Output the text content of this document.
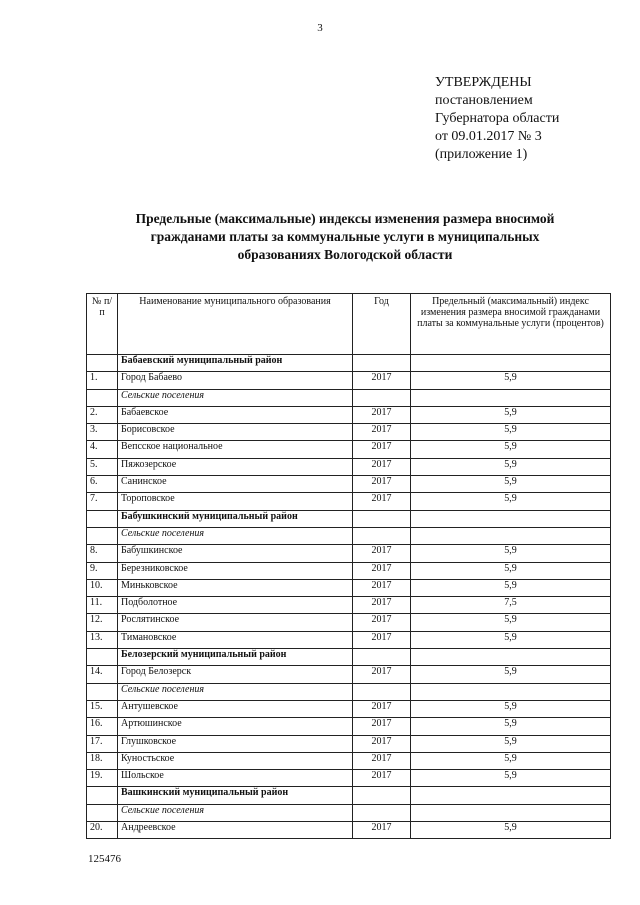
3
УТВЕРЖДЕНЫ
постановлением
Губернатора области
от 09.01.2017 № 3
(приложение 1)
Предельные (максимальные) индексы изменения размера вносимой
гражданами платы за коммунальные услуги в муниципальных
образованиях Вологодской области
№ п/п	Наименование муниципального образования	Год	Предельный (максимальный) индекс изменения размера вносимой гражданами платы за коммунальные услуги (процентов)
	Бабаевский муниципальный район		
1.	Город Бабаево	2017	5,9
	Сельские поселения		
2.	Бабаевское	2017	5,9
3.	Борисовское	2017	5,9
4.	Вепсское национальное	2017	5,9
5.	Пяжозерское	2017	5,9
6.	Санинское	2017	5,9
7.	Тороповское	2017	5,9
	Бабушкинский муниципальный район		
	Сельские поселения		
8.	Бабушкинское	2017	5,9
9.	Березниковское	2017	5,9
10.	Миньковское	2017	5,9
11.	Подболотное	2017	7,5
12.	Рослятинское	2017	5,9
13.	Тимановское	2017	5,9
	Белозерский муниципальный район		
14.	Город Белозерск	2017	5,9
	Сельские поселения		
15.	Антушевское	2017	5,9
16.	Артюшинское	2017	5,9
17.	Глушковское	2017	5,9
18.	Куностьское	2017	5,9
19.	Шольское	2017	5,9
	Вашкинский муниципальный район		
	Сельские поселения		
20.	Андреевское	2017	5,9
125476
